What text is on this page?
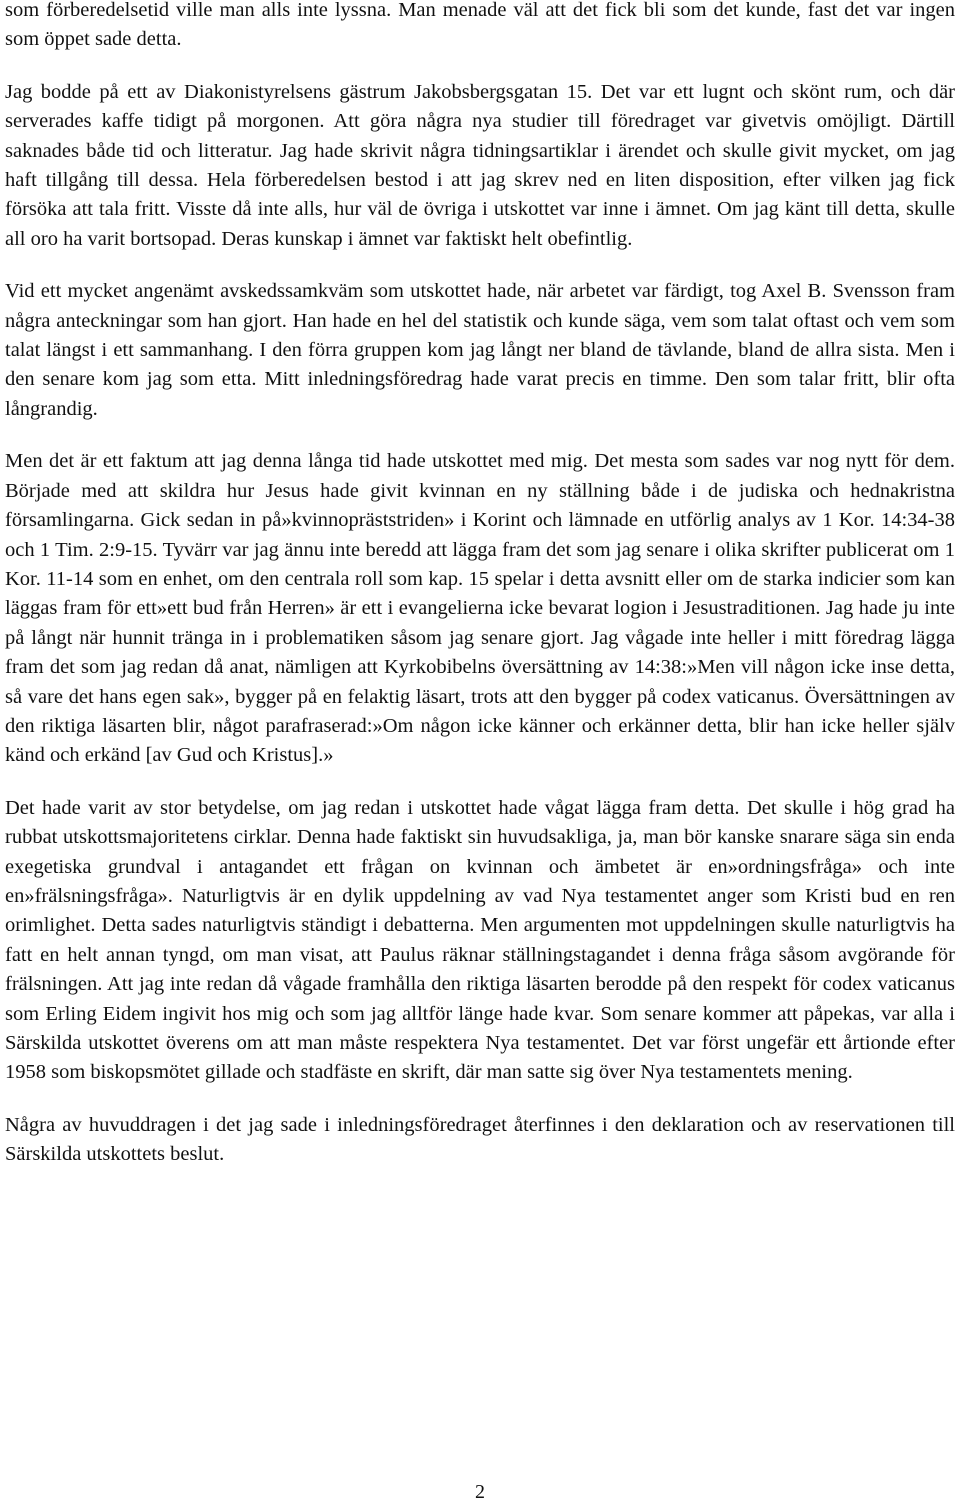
som förberedelsetid ville man alls inte lyssna. Man menade väl att det fick bli som det kunde, fast det var ingen som öppet sade detta.

Jag bodde på ett av Diakonistyrelsens gästrum Jakobsbergsgatan 15. Det var ett lugnt och skönt rum, och där serverades kaffe tidigt på morgonen. Att göra några nya studier till föredraget var givetvis omöjligt. Därtill saknades både tid och litteratur. Jag hade skrivit några tidningsartiklar i ärendet och skulle givit mycket, om jag haft tillgång till dessa. Hela förberedelsen bestod i att jag skrev ned en liten disposition, efter vilken jag fick försöka att tala fritt. Visste då inte alls, hur väl de övriga i utskottet var inne i ämnet. Om jag känt till detta, skulle all oro ha varit bortsopad. Deras kunskap i ämnet var faktiskt helt obefintlig.

Vid ett mycket angenämt avskedssamkväm som utskottet hade, när arbetet var färdigt, tog Axel B. Svensson fram några anteckningar som han gjort. Han hade en hel del statistik och kunde säga, vem som talat oftast och vem som talat längst i ett sammanhang. I den förra gruppen kom jag långt ner bland de tävlande, bland de allra sista. Men i den senare kom jag som etta. Mitt inledningsföredrag hade varat precis en timme. Den som talar fritt, blir ofta långrandig.

Men det är ett faktum att jag denna långa tid hade utskottet med mig. Det mesta som sades var nog nytt för dem. Började med att skildra hur Jesus hade givit kvinnan en ny ställning både i de judiska och hednakristna församlingarna. Gick sedan in på»kvinnopräststriden» i Korint och lämnade en utförlig analys av 1 Kor. 14:34-38 och 1 Tim. 2:9-15. Tyvärr var jag ännu inte beredd att lägga fram det som jag senare i olika skrifter publicerat om 1 Kor. 11-14 som en enhet, om den centrala roll som kap. 15 spelar i detta avsnitt eller om de starka indicier som kan läggas fram för ett»ett bud från Herren» är ett i evangelierna icke bevarat logion i Jesustraditionen. Jag hade ju inte på långt när hunnit tränga in i problematiken såsom jag senare gjort. Jag vågade inte heller i mitt föredrag lägga fram det som jag redan då anat, nämligen att Kyrkobibelns översättning av 14:38:»Men vill någon icke inse detta, så vare det hans egen sak», bygger på en felaktig läsart, trots att den bygger på codex vaticanus. Översättningen av den riktiga läsarten blir, något parafraserad:»Om någon icke känner och erkänner detta, blir han icke heller själv känd och erkänd [av Gud och Kristus].»

Det hade varit av stor betydelse, om jag redan i utskottet hade vågat lägga fram detta. Det skulle i hög grad ha rubbat utskottsmajoritetens cirklar. Denna hade faktiskt sin huvudsakliga, ja, man bör kanske snarare säga sin enda exegetiska grundval i antagandet ett frågan on kvinnan och ämbetet är en»ordningsfråga» och inte en»frälsningsfråga». Naturligtvis är en dylik uppdelning av vad Nya testamentet anger som Kristi bud en ren orimlighet. Detta sades naturligtvis ständigt i debatterna. Men argumenten mot uppdelningen skulle naturligtvis ha fatt en helt annan tyngd, om man visat, att Paulus räknar ställningstagandet i denna fråga såsom avgörande för frälsningen. Att jag inte redan då vågade framhålla den riktiga läsarten berodde på den respekt för codex vaticanus som Erling Eidem ingivit hos mig och som jag alltför länge hade kvar. Som senare kommer att påpekas, var alla i Särskilda utskottet överens om att man måste respektera Nya testamentet. Det var först ungefär ett årtionde efter 1958 som biskopsmötet gillade och stadfäste en skrift, där man satte sig över Nya testamentets mening.

Några av huvuddragen i det jag sade i inledningsföredraget återfinnes i den deklaration och av reservationen till Särskilda utskottets beslut.

2
